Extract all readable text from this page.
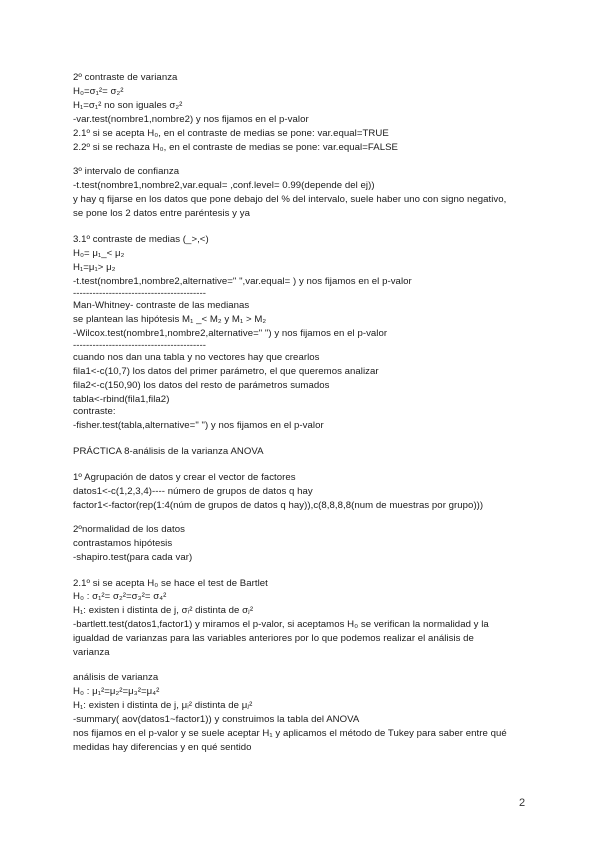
2º contraste de varianza
H₀=σ₁²= σ₂²
H₁=σ₁² no son iguales σ₂²
-var.test(nombre1,nombre2) y nos fijamos en el p-valor
2.1º si se acepta H₀, en el contraste de medias se pone: var.equal=TRUE
2.2º si se rechaza H₀, en el contraste de medias se pone: var.equal=FALSE
3º intervalo de confianza
-t.test(nombre1,nombre2,var.equal= ,conf.level= 0.99(depende del ej))
y hay q fijarse en los datos que pone debajo del % del intervalo, suele haber uno con signo negativo,
se pone los 2 datos entre paréntesis y ya
3.1º contraste de medias (_>,<)
H₀= μ₁_< μ₂
H₁=μ₁> μ₂
-t.test(nombre1,nombre2,alternative=" ",var.equal= ) y nos fijamos en el p-valor
-----------------------------------------
Man-Whitney- contraste de las medianas
se plantean las hipótesis M₁ _< M₂ y M₁ > M₂
-Wilcox.test(nombre1,nombre2,alternative=" ") y nos fijamos en el p-valor
-----------------------------------------
cuando nos dan una tabla y no vectores hay que crearlos
fila1<-c(10,7) los datos del primer parámetro, el que queremos analizar
fila2<-c(150,90) los datos del resto de parámetros sumados
tabla<-rbind(fila1,fila2)
contraste:
-fisher.test(tabla,alternative=" ") y nos fijamos en el p-valor
PRÁCTICA 8-análisis de la varianza ANOVA
1º Agrupación de datos y crear el vector de factores
datos1<-c(1,2,3,4)---- número de grupos de datos q hay
factor1<-factor(rep(1:4(núm de grupos de datos q hay)),c(8,8,8,8(num de muestras por grupo)))
2ºnormalidad de los datos
contrastamos hipótesis
-shapiro.test(para cada var)
2.1º si se acepta H₀ se hace el test de Bartlet
H₀ : σ₁²= σ₂²=σ₃²= σ₄²
H₁: existen i distinta de j, σᵢ² distinta de σⱼ²
-bartlett.test(datos1,factor1) y miramos el p-valor, si aceptamos H₀ se verifican la normalidad y la
igualdad de varianzas para las variables anteriores por lo que podemos realizar el análisis de
varianza
análisis de varianza
H₀ : μ₁²=μ₂²=μ₃²=μ₄²
H₁: existen i distinta de j, μᵢ² distinta de μⱼ²
-summary( aov(datos1~factor1)) y construimos la tabla del ANOVA
nos fijamos en el p-valor y se suele aceptar H₁ y aplicamos el método de Tukey para saber entre qué
medidas hay diferencias y en qué sentido
2
